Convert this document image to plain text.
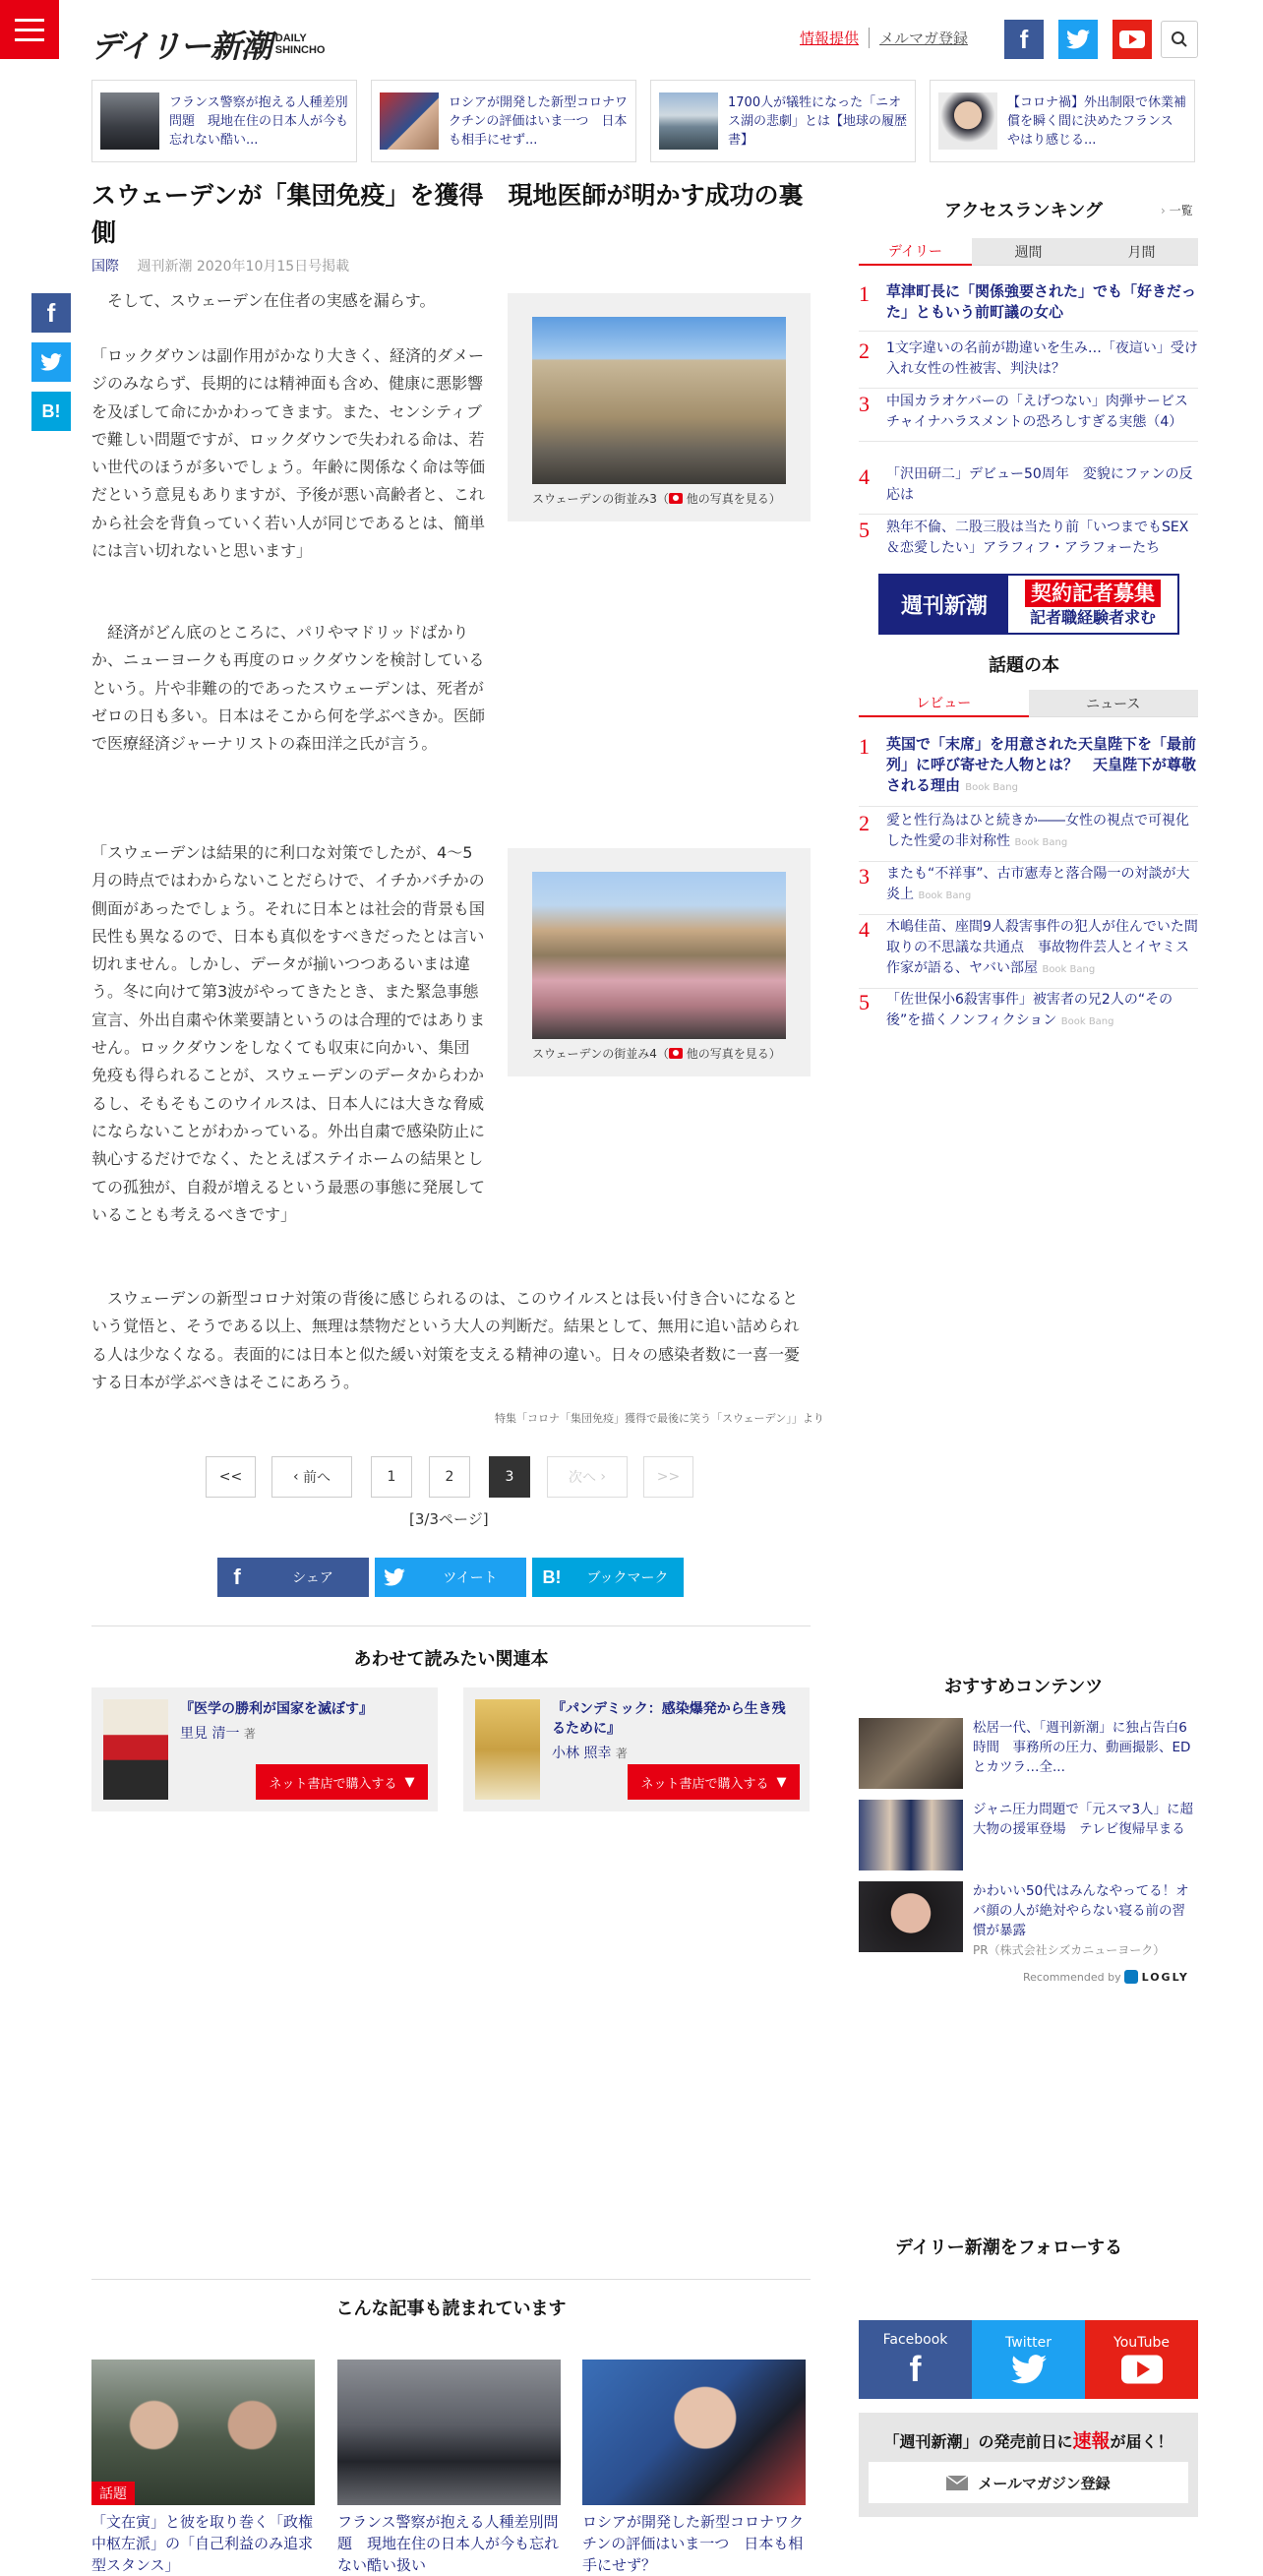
デイリー新潮 DAILY
SHINCHO
情報提供	メルマガ登録	f
フランス警察が抱える人種差別問題　現地在住の日本人が今も忘れない酷い...
ロシアが開発した新型コロナワクチンの評価はいま一つ　日本も相手にせず...
1700人が犠牲になった「ニオス湖の悲劇」とは【地球の履歴書】
【コロナ禍】外出制限で休業補償を瞬く間に決めたフランス　やはり感じる...
スウェーデンが「集団免疫」を獲得　現地医師が明かす成功の裏側
国際 週刊新潮 2020年10月15日号掲載
f
B!

　そして、スウェーデン在住者の実感を漏らす。

「ロックダウンは副作用がかなり大きく、経済的ダメージのみならず、長期的には精神面も含め、健康に悪影響を及ぼして命にかかわってきます。また、センシティブで難しい問題ですが、ロックダウンで失われる命は、若い世代のほうが多いでしょう。年齢に関係なく命は等価だという意見もありますが、予後が悪い高齢者と、これから社会を背負っていく若い人が同じであるとは、簡単には言い切れないと思います」

　経済がどん底のところに、パリやマドリッドばかりか、ニューヨークも再度のロックダウンを検討しているという。片や非難の的であったスウェーデンは、死者がゼロの日も多い。日本はそこから何を学ぶべきか。医師で医療経済ジャーナリストの森田洋之氏が言う。

スウェーデンの街並み3（ 他の写真を見る）

「スウェーデンは結果的に利口な対策でしたが、4～5月の時点ではわからないことだらけで、イチかバチかの側面があったでしょう。それに日本とは社会的背景も国民性も異なるので、日本も真似をすべきだったとは言い切れません。しかし、データが揃いつつあるいまは違う。冬に向けて第3波がやってきたとき、また緊急事態宣言、外出自粛や休業要請というのは合理的ではありません。ロックダウンをしなくても収束に向かい、集団免疫も得られることが、スウェーデンのデータからわかるし、そもそもこのウイルスは、日本人には大きな脅威にならないことがわかっている。外出自粛で感染防止に執心するだけでなく、たとえばステイホームの結果としての孤独が、自殺が増えるという最悪の事態に発展していることも考えるべきです」

スウェーデンの街並み4（ 他の写真を見る）

　スウェーデンの新型コロナ対策の背後に感じられるのは、このウイルスとは長い付き合いになるという覚悟と、そうである以上、無理は禁物だという大人の判断だ。結果として、無用に追い詰められる人は少なくなる。表面的には日本と似た緩い対策を支える精神の違い。日々の感染者数に一喜一憂する日本が学ぶべきはそこにあろう。

特集「コロナ「集団免疫」獲得で最後に笑う「スウェーデン」」より
<<	‹ 前へ	1	2	3	次へ ›	>>
[3/3ページ]
f	シェア	ツイート	B!	ブックマーク
あわせて読みたい関連本
『医学の勝利が国家を滅ぼす』
里見 清一 著
ネット書店で購入する ▼
『パンデミック：感染爆発から生き残るために』
小林 照幸 著
ネット書店で購入する ▼
アクセスランキング	› 一覧
デイリー	週間	月間
1	草津町長に「関係強要された」でも「好きだった」ともいう前町議の女心
2	1文字違いの名前が勘違いを生み…「夜這い」受け入れ女性の性被害、判決は？
3	中国カラオケバーの「えげつない」肉弾サービス　チャイナハラスメントの恐ろしすぎる実態（4）
4	「沢田研二」デビュー50周年　変貌にファンの反応は
5	熟年不倫、二股三股は当たり前「いつまでもSEX＆恋愛したい」アラフィフ・アラフォーたち
週刊新潮	契約記者募集
記者職経験者求む
話題の本
レビュー	ニュース
1	英国で「末席」を用意された天皇陛下を「最前列」に呼び寄せた人物とは？　天皇陛下が尊敬される理由 Book Bang
2	愛と性行為はひと続きか――女性の視点で可視化した性愛の非対称性 Book Bang
3	またも“不祥事”、古市憲寿と落合陽一の対談が大炎上 Book Bang
4	木嶋佳苗、座間9人殺害事件の犯人が住んでいた間取りの不思議な共通点　事故物件芸人とイヤミス作家が語る、ヤバい部屋 Book Bang
5	「佐世保小6殺害事件」被害者の兄2人の“その後”を描くノンフィクション Book Bang
おすすめコンテンツ
松居一代、「週刊新潮」に独占告白6時間　事務所の圧力、動画撮影、EDとカツラ…全...
ジャニ圧力問題で「元スマ3人」に超大物の援軍登場　テレビ復帰早まる
かわいい50代はみんなやってる！オバ顔の人が絶対やらない寝る前の習慣が暴露
PR（株式会社シズカニューヨーク）
Recommended by LOGLY
こんな記事も読まれています
話題
「文在寅」と彼を取り巻く「政権中枢左派」の「自己利益のみ追求型スタンス」
フランス警察が抱える人種差別問題　現地在住の日本人が今も忘れない酷い扱い
ロシアが開発した新型コロナワクチンの評価はいま一つ　日本も相手にせず？
デイリー新潮をフォローする
Facebook
f
Twitter	YouTube
「週刊新潮」の発売前日に速報が届く！
メールマガジン登録
